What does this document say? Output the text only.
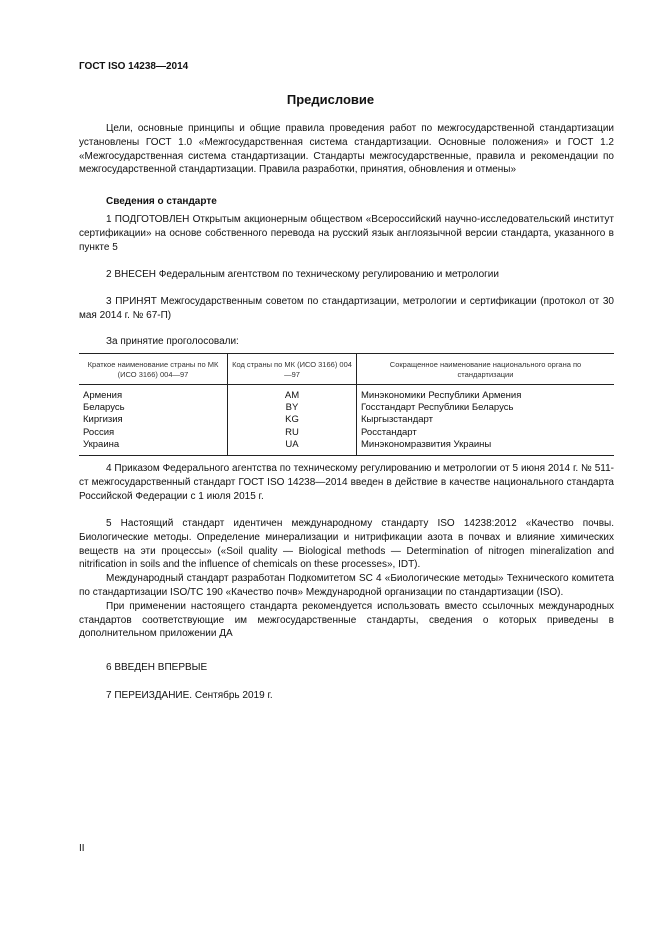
ГОСТ ISO 14238—2014
Предисловие

Цели, основные принципы и общие правила проведения работ по межгосударственной стандартизации установлены ГОСТ 1.0 «Межгосударственная система стандартизации. Основные положения» и ГОСТ 1.2 «Межгосударственная система стандартизации. Стандарты межгосударственные, правила и рекомендации по межгосударственной стандартизации. Правила разработки, принятия, обновления и отмены»

Сведения о стандарте

1 ПОДГОТОВЛЕН Открытым акционерным обществом «Всероссийский научно-исследовательский институт сертификации» на основе собственного перевода на русский язык англоязычной версии стандарта, указанного в пункте 5

2 ВНЕСЕН Федеральным агентством по техническому регулированию и метрологии

3 ПРИНЯТ Межгосударственным советом по стандартизации, метрологии и сертификации (протокол от 30 мая 2014 г. № 67-П)

За принятие проголосовали:

Краткое наименование страны по МК (ИСО 3166) 004—97	Код страны по МК (ИСО 3166) 004—97	Сокращенное наименование национального органа по стандартизации
Армения	AM	Минэкономики Республики Армения
Беларусь	BY	Госстандарт Республики Беларусь
Киргизия	KG	Кыргызстандарт
Россия	RU	Росстандарт
Украина	UA	Минэкономразвития Украины

4 Приказом Федерального агентства по техническому регулированию и метрологии от 5 июня 2014 г. № 511-ст межгосударственный стандарт ГОСТ ISO 14238—2014 введен в действие в качестве национального стандарта Российской Федерации с 1 июля 2015 г.

5 Настоящий стандарт идентичен международному стандарту ISO 14238:2012 «Качество почвы. Биологические методы. Определение минерализации и нитрификации азота в почвах и влияние химических веществ на эти процессы» («Soil quality — Biological methods — Determination of nitrogen mineralization and nitrification in soils and the influence of chemicals on these processes», IDT).

Международный стандарт разработан Подкомитетом SC 4 «Биологические методы» Технического комитета по стандартизации ISO/TC 190 «Качество почв» Международной организации по стандартизации (ISO).

При применении настоящего стандарта рекомендуется использовать вместо ссылочных международных стандартов соответствующие им межгосударственные стандарты, сведения о которых приведены в дополнительном приложении ДА

6 ВВЕДЕН ВПЕРВЫЕ

7 ПЕРЕИЗДАНИЕ. Сентябрь 2019 г.

II
